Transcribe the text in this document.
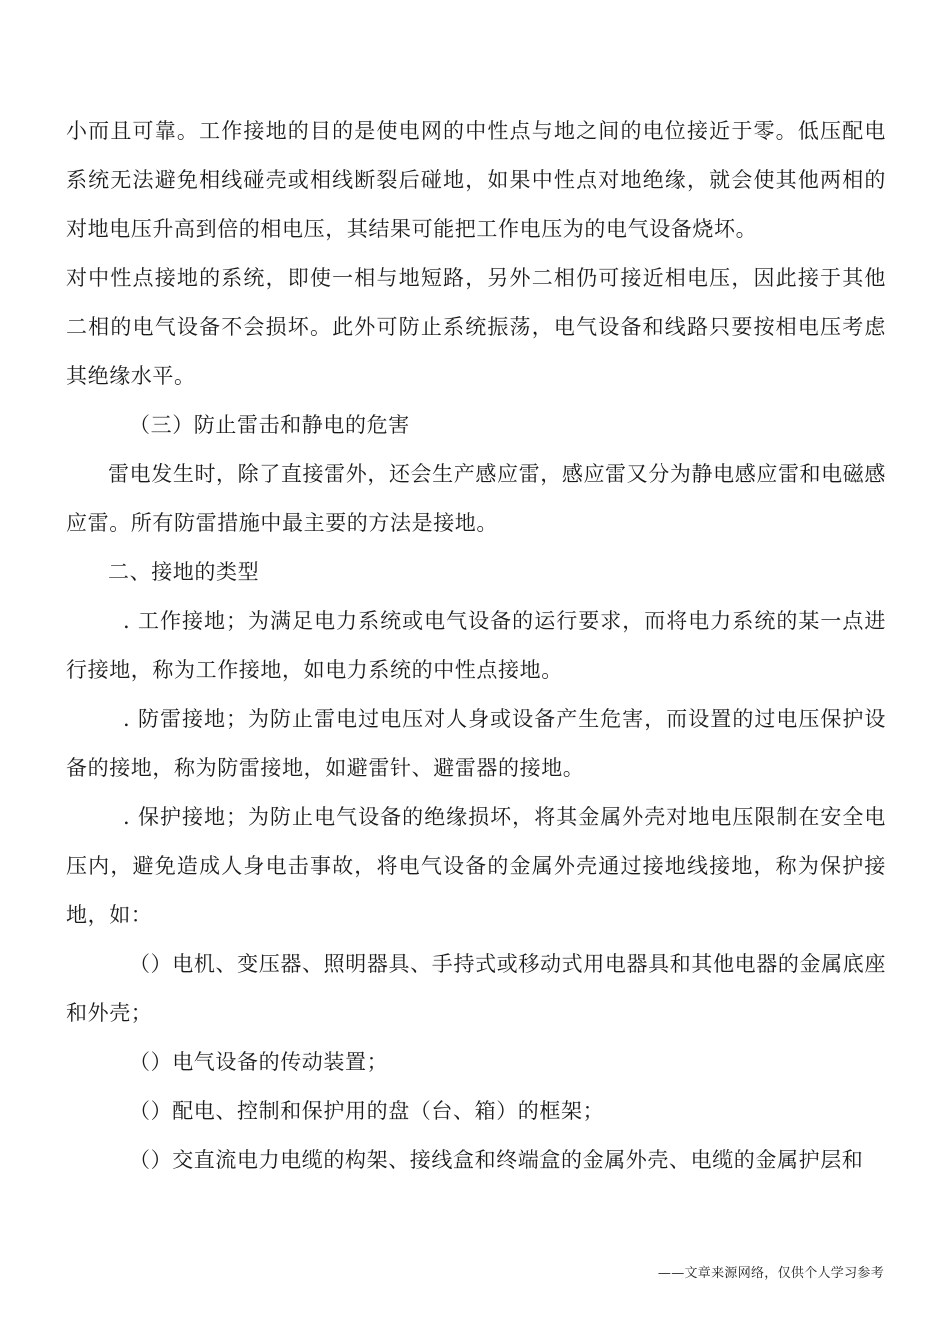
小而且可靠。工作接地的目的是使电网的中性点与地之间的电位接近于零。低压配电系统无法避免相线碰壳或相线断裂后碰地，如果中性点对地绝缘，就会使其他两相的对地电压升高到倍的相电压，其结果可能把工作电压为的电气设备烧坏。

对中性点接地的系统，即使一相与地短路，另外二相仍可接近相电压，因此接于其他二相的电气设备不会损坏。此外可防止系统振荡，电气设备和线路只要按相电压考虑其绝缘水平。

（三）防止雷击和静电的危害

雷电发生时，除了直接雷外，还会生产感应雷，感应雷又分为静电感应雷和电磁感应雷。所有防雷措施中最主要的方法是接地。

二、接地的类型

. 工作接地；为满足电力系统或电气设备的运行要求，而将电力系统的某一点进行接地，称为工作接地，如电力系统的中性点接地。

. 防雷接地；为防止雷电过电压对人身或设备产生危害，而设置的过电压保护设备的接地，称为防雷接地，如避雷针、避雷器的接地。

. 保护接地；为防止电气设备的绝缘损坏，将其金属外壳对地电压限制在安全电压内，避免造成人身电击事故，将电气设备的金属外壳通过接地线接地，称为保护接地，如：

（）电机、变压器、照明器具、手持式或移动式用电器具和其他电器的金属底座和外壳；

（）电气设备的传动装置；

（）配电、控制和保护用的盘（台、箱）的框架；

（）交直流电力电缆的构架、接线盒和终端盒的金属外壳、电缆的金属护层和

——文章来源网络，仅供个人学习参考
